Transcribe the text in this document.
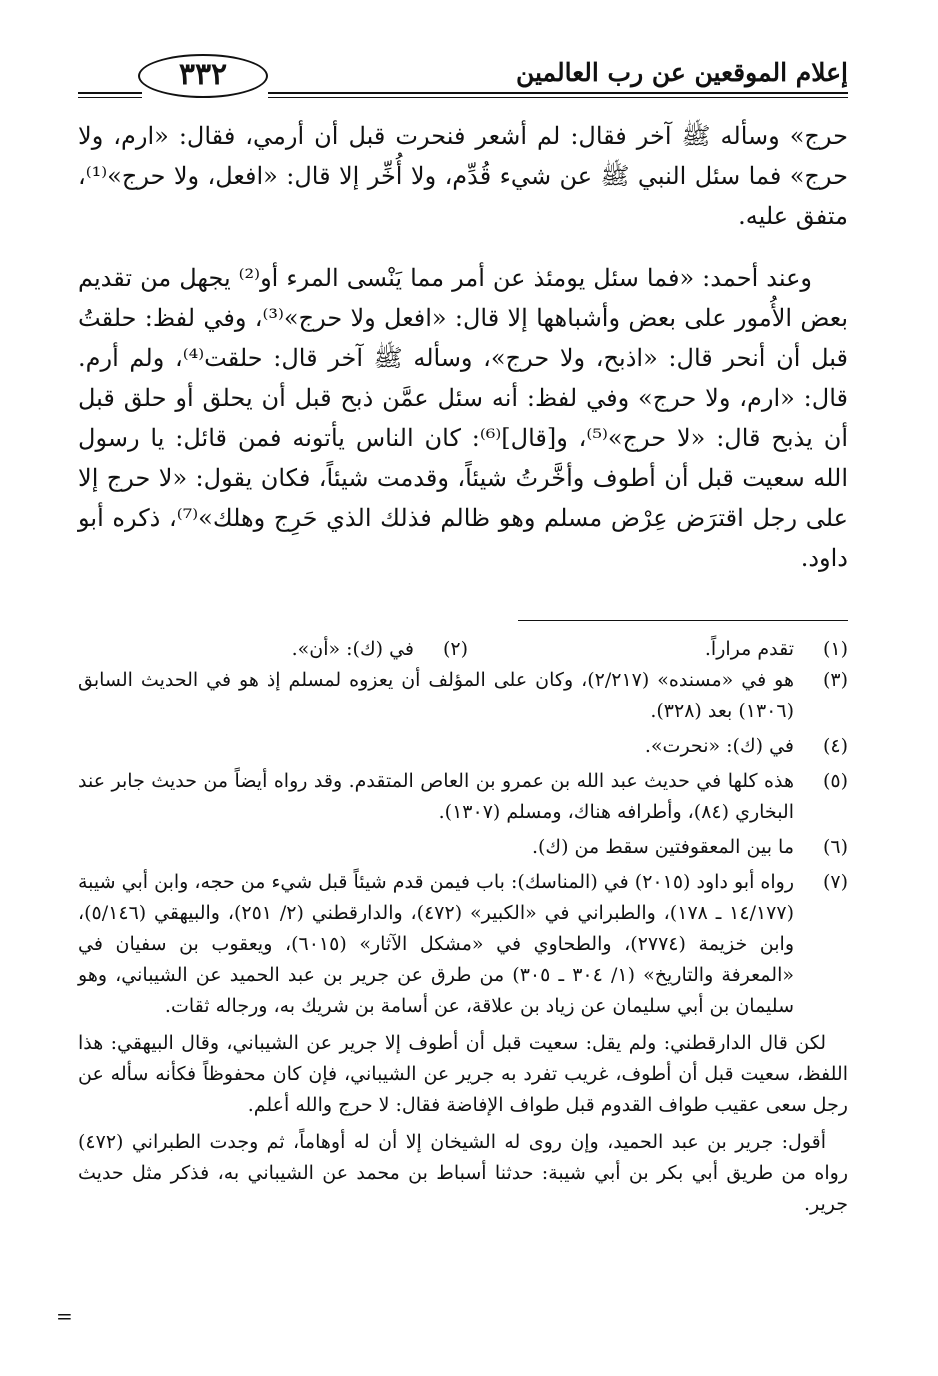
إعلام الموقعين عن رب العالمين
٣٣٢

حرج» وسأله ﷺ آخر فقال: لم أشعر فنحرت قبل أن أرمي، فقال: «ارم، ولا حرج» فما سئل النبي ﷺ عن شيء قُدِّم، ولا أُخِّر إلا قال: «افعل، ولا حرج»⁽¹⁾، متفق عليه.

وعند أحمد: «فما سئل يومئذ عن أمر مما يَنْسى المرء أو⁽²⁾ يجهل من تقديم بعض الأُمور على بعض وأشباهها إلا قال: «افعل ولا حرج»⁽³⁾، وفي لفظ: حلقتُ قبل أن أنحر قال: «اذبح، ولا حرج»، وسأله ﷺ آخر قال: حلقت⁽⁴⁾، ولم أرم. قال: «ارم، ولا حرج» وفي لفظ: أنه سئل عمَّن ذبح قبل أن يحلق أو حلق قبل أن يذبح قال: «لا حرج»⁽⁵⁾، و[قال]⁽⁶⁾: كان الناس يأتونه فمن قائل: يا رسول الله سعيت قبل أن أطوف وأخَّرتُ شيئاً، وقدمت شيئاً، فكان يقول: «لا حرج إلا على رجل اقترَض عِرْض مسلم وهو ظالم فذلك الذي حَرِج وهلك»⁽⁷⁾، ذكره أبو داود.

(١)
تقدم مراراً.
(٢)
في (ك): «أن».
(٣)
هو في «مسنده» (٢/٢١٧)، وكان على المؤلف أن يعزوه لمسلم إذ هو في الحديث السابق (١٣٠٦) بعد (٣٢٨).
(٤)
في (ك): «نحرت».
(٥)
هذه كلها في حديث عبد الله بن عمرو بن العاص المتقدم. وقد رواه أيضاً من حديث جابر عند البخاري (٨٤)، وأطرافه هناك، ومسلم (١٣٠٧).
(٦)
ما بين المعقوفتين سقط من (ك).
(٧)
رواه أبو داود (٢٠١٥) في (المناسك): باب فيمن قدم شيئاً قبل شيء من حجه، وابن أبي شيبة (١٤/١٧٧ ـ ١٧٨)، والطبراني في «الكبير» (٤٧٢)، والدارقطني (٢/ ٢٥١)، والبيهقي (٥/١٤٦)، وابن خزيمة (٢٧٧٤)، والطحاوي في «مشكل الآثار» (٦٠١٥)، ويعقوب بن سفيان في «المعرفة والتاريخ» (١/ ٣٠٤ ـ ٣٠٥) من طرق عن جرير بن عبد الحميد عن الشيباني، وهو سليمان بن أبي سليمان عن زياد بن علاقة، عن أسامة بن شريك به، ورجاله ثقات.

لكن قال الدارقطني: ولم يقل: سعيت قبل أن أطوف إلا جرير عن الشيباني، وقال البيهقي: هذا اللفظ، سعيت قبل أن أطوف، غريب تفرد به جرير عن الشيباني، فإن كان محفوظاً فكأنه سأله عن رجل سعى عقيب طواف القدوم قبل طواف الإفاضة فقال: لا حرج والله أعلم.

أقول: جرير بن عبد الحميد، وإن روى له الشيخان إلا أن له أوهاماً، ثم وجدت الطبراني (٤٧٢) رواه من طريق أبي بكر بن أبي شيبة: حدثنا أسباط بن محمد عن الشيباني به، فذكر مثل حديث جرير.

=
